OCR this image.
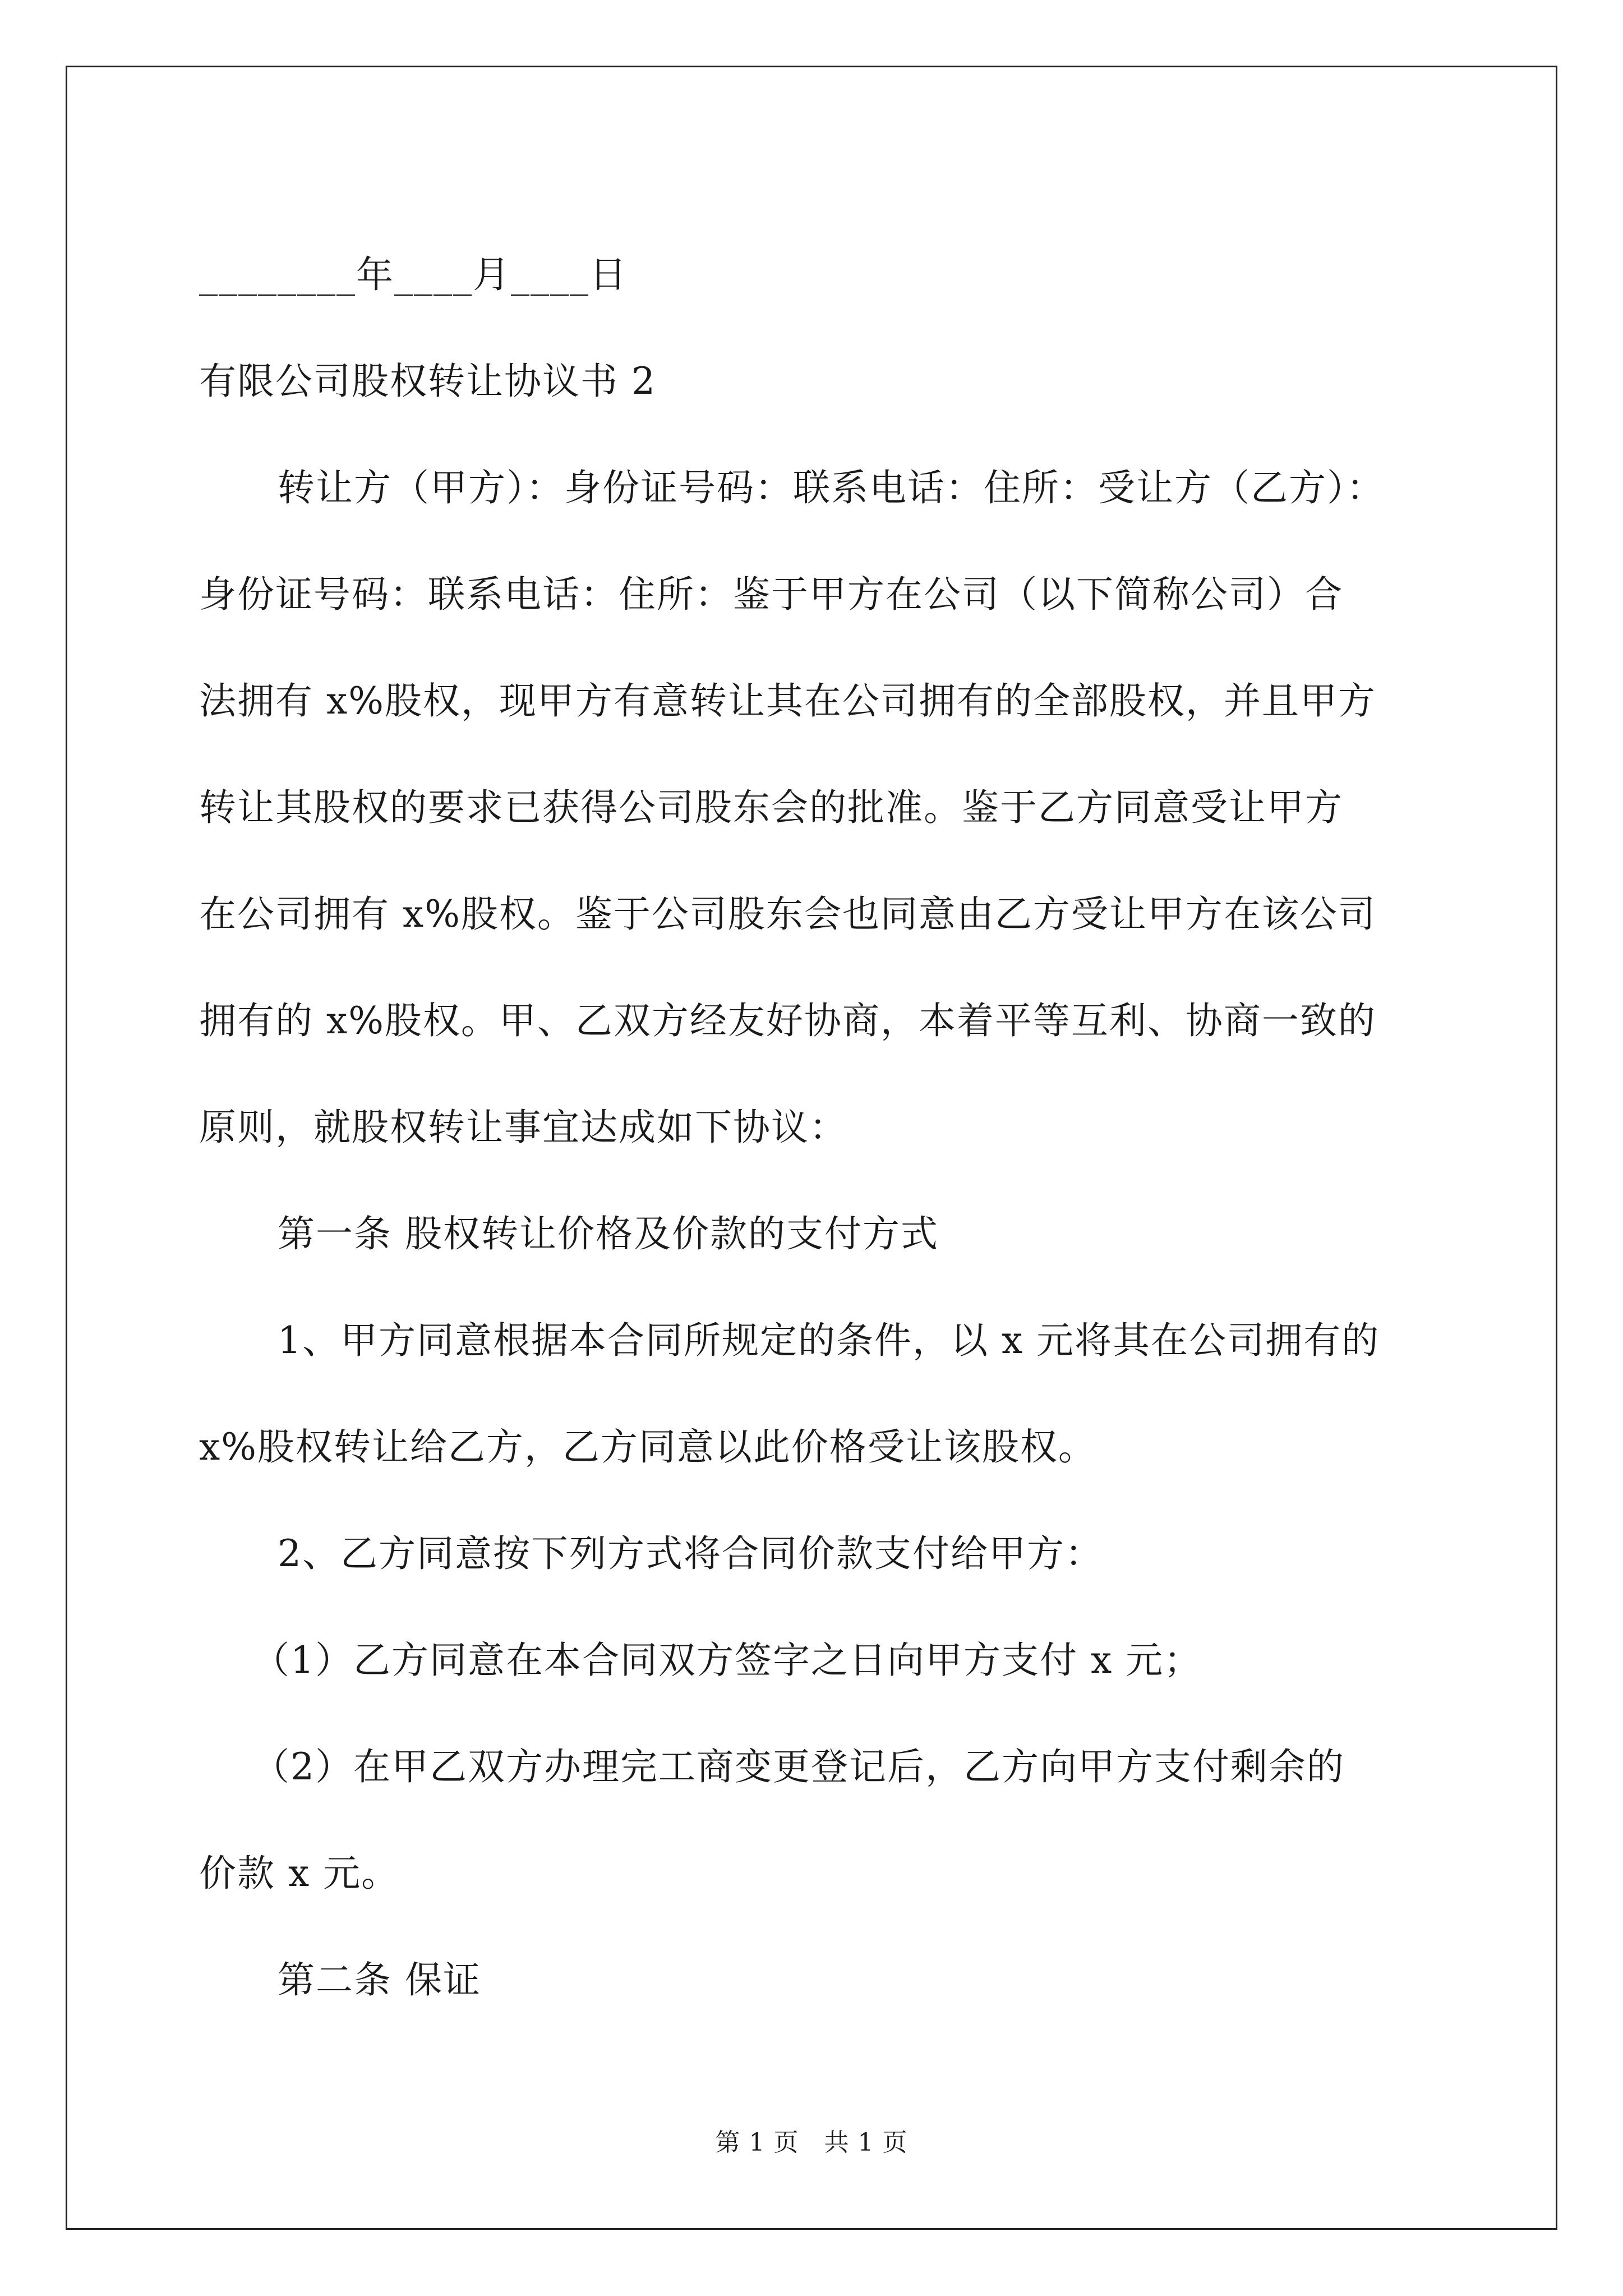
________年____月____日
有限公司股权转让协议书 2
转让方（甲方）：身份证号码：联系电话：住所：受让方（乙方）：
身份证号码：联系电话：住所：鉴于甲方在公司（以下简称公司）合
法拥有 x%股权，现甲方有意转让其在公司拥有的全部股权，并且甲方
转让其股权的要求已获得公司股东会的批准。鉴于乙方同意受让甲方
在公司拥有 x%股权。鉴于公司股东会也同意由乙方受让甲方在该公司
拥有的 x%股权。甲、乙双方经友好协商，本着平等互利、协商一致的
原则，就股权转让事宜达成如下协议：
第一条 股权转让价格及价款的支付方式
1、甲方同意根据本合同所规定的条件，以 x 元将其在公司拥有的
x%股权转让给乙方，乙方同意以此价格受让该股权。
2、乙方同意按下列方式将合同价款支付给甲方：
（1）乙方同意在本合同双方签字之日向甲方支付 x 元；
（2）在甲乙双方办理完工商变更登记后，乙方向甲方支付剩余的
价款 x 元。
第二条 保证
第 1 页　共 1 页
